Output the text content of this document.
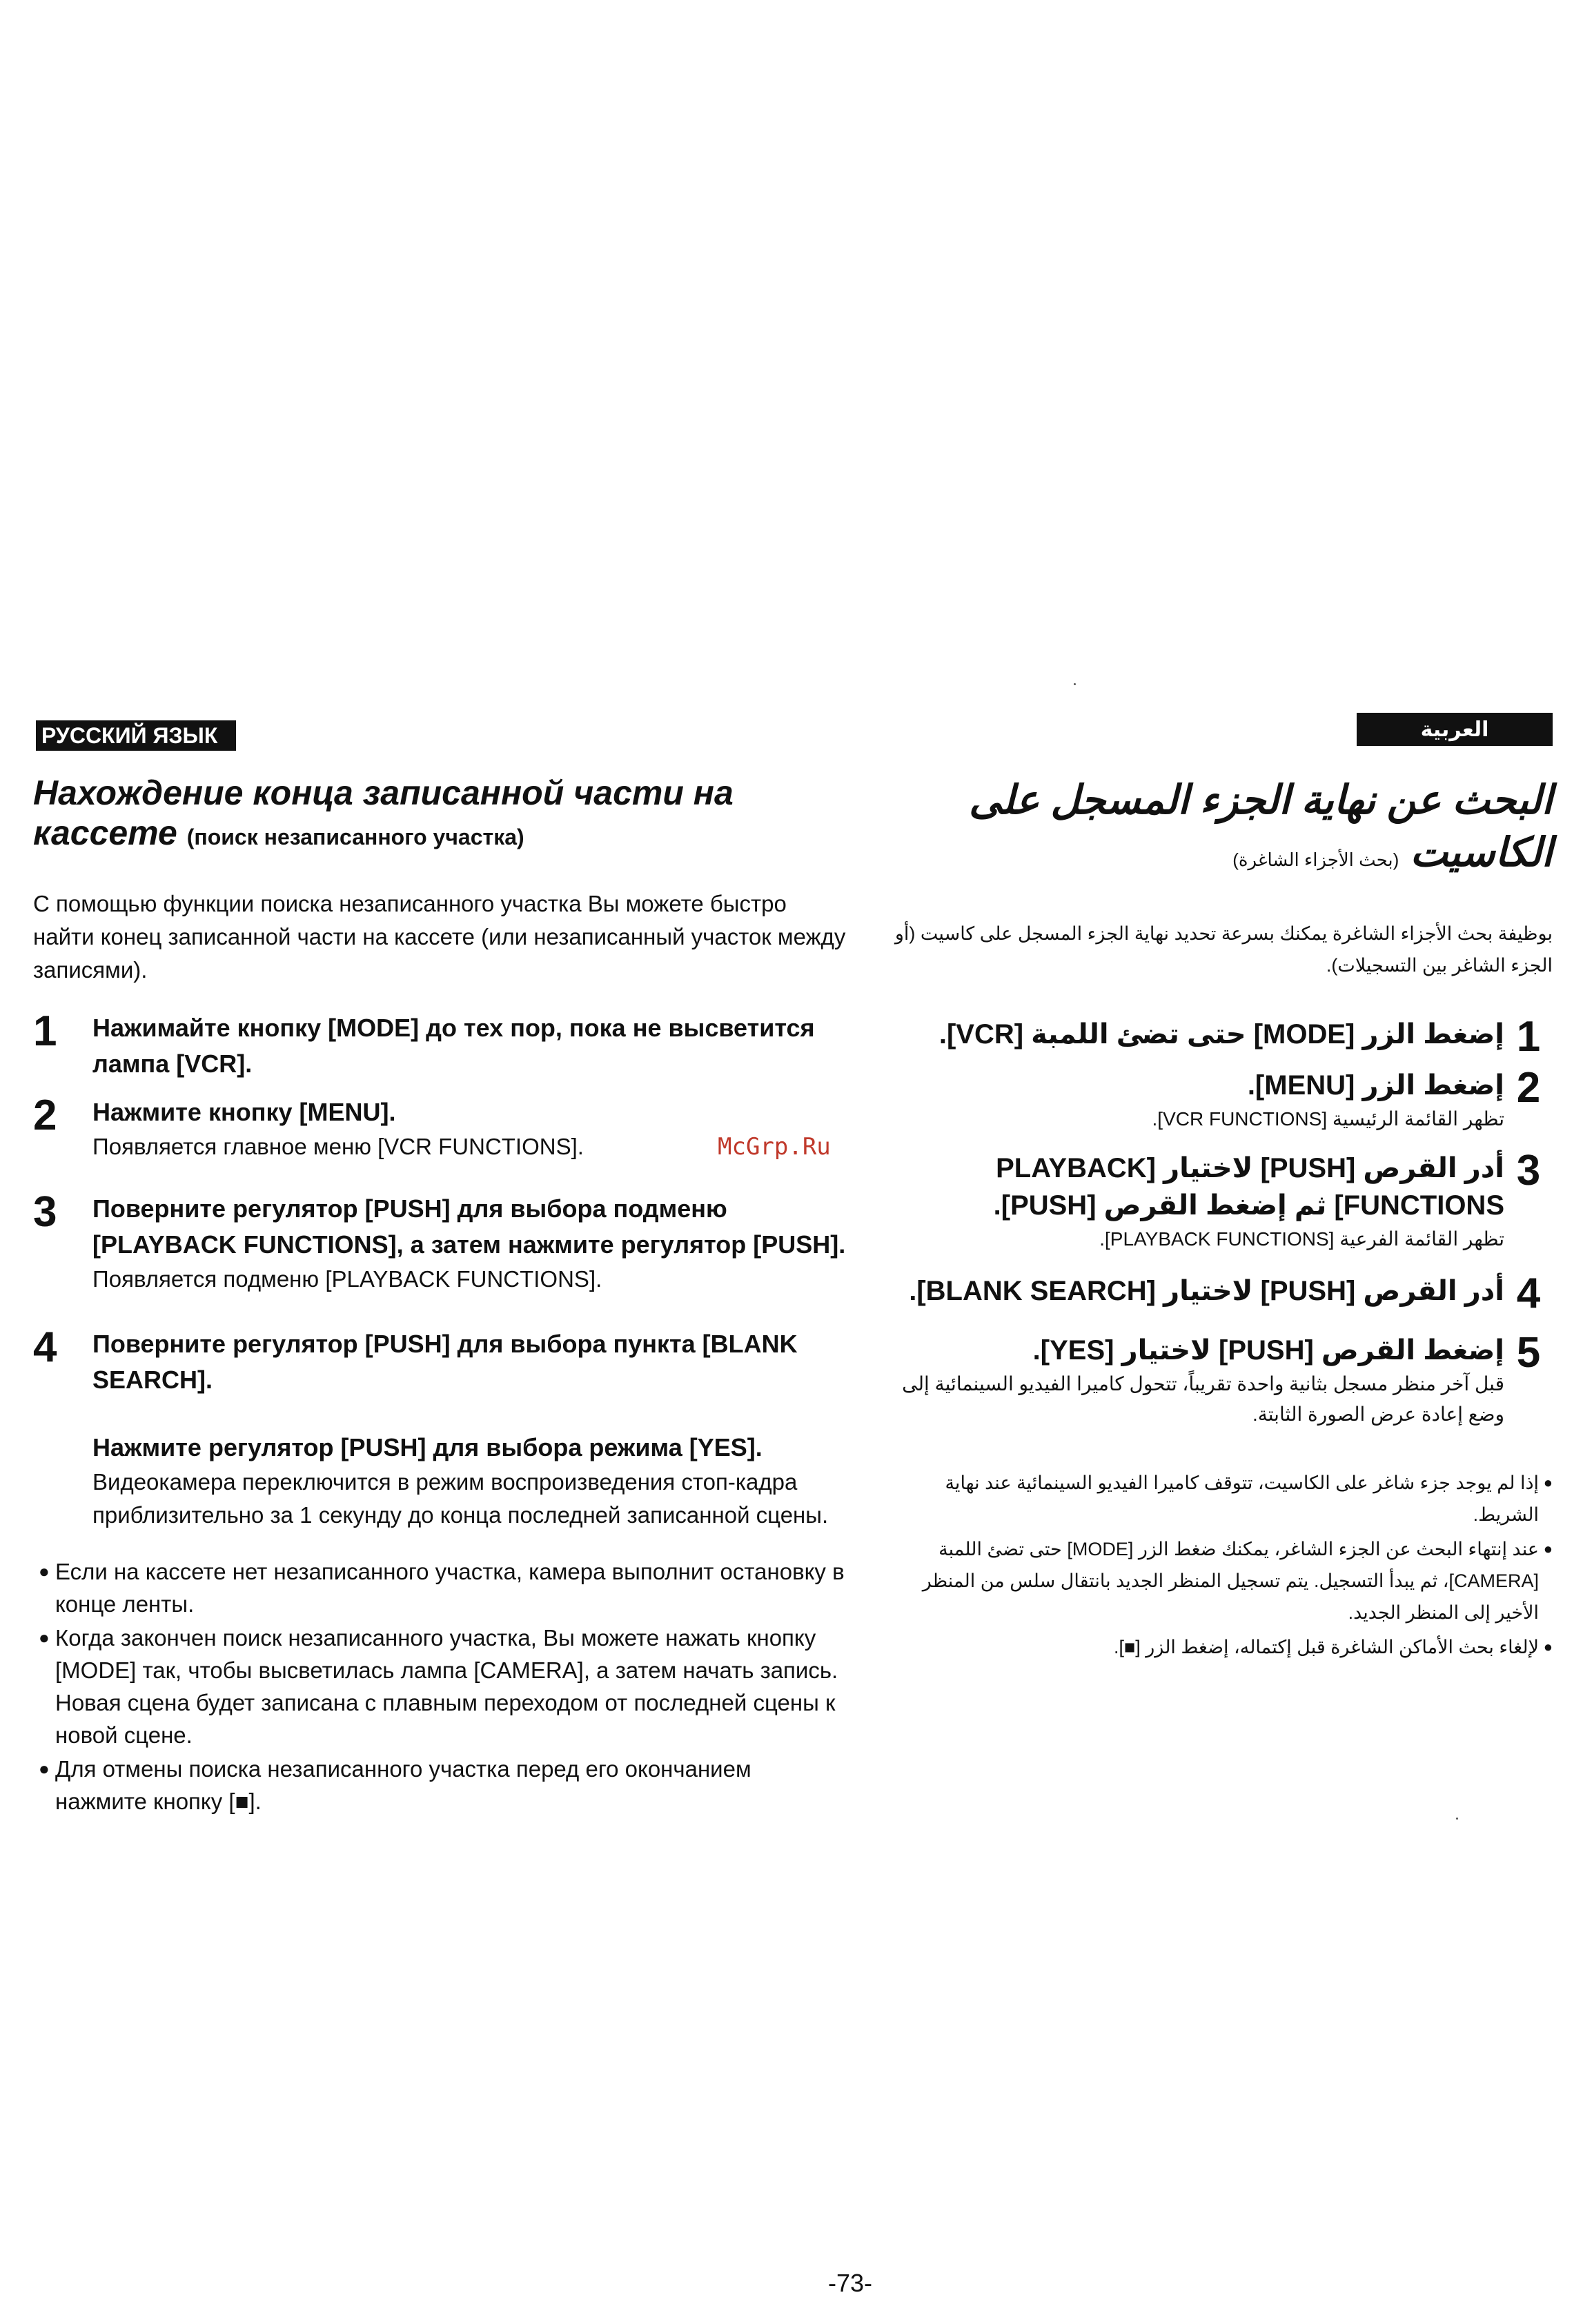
РУССКИЙ ЯЗЫК	العربية
Нахождение конца записанной части на кассете (поиск незаписанного участка)

С помощью функции поиска незаписанного участка Вы можете быстро найти конец записанной части на кассете (или незаписанный участок между записями).

1	Нажимайте кнопку [MODE] до тех пор, пока не высветится лампа [VCR].
2	Нажмите кнопку [MENU].
Появляется главное меню [VCR FUNCTIONS].
3	Поверните регулятор [PUSH] для выбора подменю [PLAYBACK FUNCTIONS], а затем нажмите регулятор [PUSH].
Появляется подменю [PLAYBACK FUNCTIONS].
4	Поверните регулятор [PUSH] для выбора пункта [BLANK SEARCH].
Нажмите регулятор [PUSH] для выбора режима [YES].
Видеокамера переключится в режим воспроизведения стоп-кадра приблизительно за 1 секунду до конца последней записанной сцены.
● Если на кассете нет незаписанного участка, камера выполнит остановку в конце ленты.
● Когда закончен поиск незаписанного участка, Вы можете нажать кнопку [MODE] так, чтобы высветилась лампа [CAMERA], а затем начать запись. Новая сцена будет записана с плавным переходом от последней сцены к новой сцене.
● Для отмены поиска незаписанного участка перед его окончанием нажмите кнопку [■].
McGrp.Ru
البحث عن نهاية الجزء المسجل على الكاسيت (بحث الأجزاء الشاغرة)

بوظيفة بحث الأجزاء الشاغرة يمكنك بسرعة تحديد نهاية الجزء المسجل على كاسيت (أو الجزء الشاغر بين التسجيلات).

1
إضغط الزر [MODE] حتى تضئ اللمبة [VCR].
2
إضغط الزر [MENU].
تظهر القائمة الرئيسية [VCR FUNCTIONS].
3
أدر القرص [PUSH] لاختيار [PLAYBACK FUNCTIONS] ثم إضغط القرص [PUSH].
تظهر القائمة الفرعية [PLAYBACK FUNCTIONS].
4
أدر القرص [PUSH] لاختيار [BLANK SEARCH].
5
إضغط القرص [PUSH] لاختيار [YES].
قبل آخر منظر مسجل بثانية واحدة تقريباً، تتحول كاميرا الفيديو السينمائية إلى وضع إعادة عرض الصورة الثابتة.
●
إذا لم يوجد جزء شاغر على الكاسيت، تتوقف كاميرا الفيديو السينمائية عند نهاية الشريط.
●
عند إنتهاء البحث عن الجزء الشاغر، يمكنك ضغط الزر [MODE] حتى تضئ اللمبة [CAMERA]، ثم يبدأ التسجيل. يتم تسجيل المنظر الجديد بانتقال سلس من المنظر الأخير إلى المنظر الجديد.
●
لإلغاء بحث الأماكن الشاغرة قبل إكتماله، إضغط الزر [■].
-73-
